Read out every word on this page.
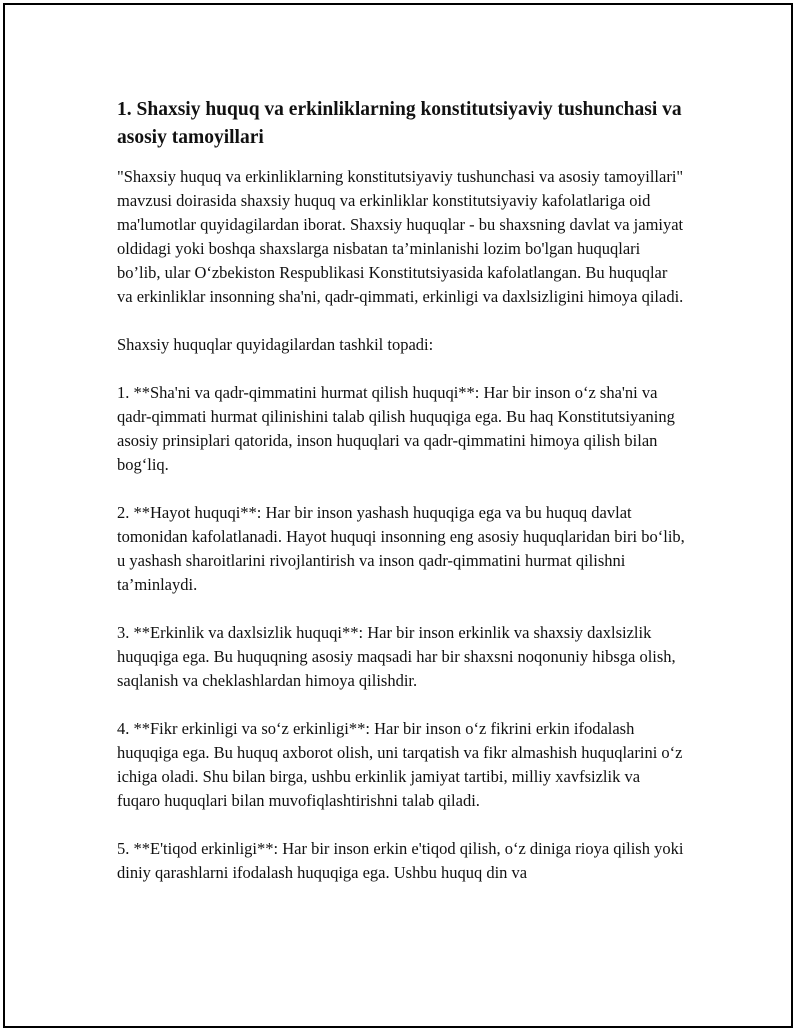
1. Shaxsiy huquq va erkinliklarning konstitutsiyaviy tushunchasi va asosiy tamoyillari

"Shaxsiy huquq va erkinliklarning konstitutsiyaviy tushunchasi va asosiy tamoyillari" mavzusi doirasida shaxsiy huquq va erkinliklar konstitutsiyaviy kafolatlariga oid ma'lumotlar quyidagilardan iborat. Shaxsiy huquqlar - bu shaxsning davlat va jamiyat oldidagi yoki boshqa shaxslarga nisbatan ta’minlanishi lozim bo'lgan huquqlari bo’lib, ular O‘zbekiston Respublikasi Konstitutsiyasida kafolatlangan. Bu huquqlar va erkinliklar insonning sha'ni, qadr-qimmati, erkinligi va daxlsizligini himoya qiladi.

Shaxsiy huquqlar quyidagilardan tashkil topadi:

1. **Sha'ni va qadr-qimmatini hurmat qilish huquqi**: Har bir inson o‘z sha'ni va qadr-qimmati hurmat qilinishini talab qilish huquqiga ega. Bu haq Konstitutsiyaning asosiy prinsiplari qatorida, inson huquqlari va qadr-qimmatini himoya qilish bilan bog‘liq.

2. **Hayot huquqi**: Har bir inson yashash huquqiga ega va bu huquq davlat tomonidan kafolatlanadi. Hayot huquqi insonning eng asosiy huquqlaridan biri bo‘lib, u yashash sharoitlarini rivojlantirish va inson qadr-qimmatini hurmat qilishni ta’minlaydi.

3. **Erkinlik va daxlsizlik huquqi**: Har bir inson erkinlik va shaxsiy daxlsizlik huquqiga ega. Bu huquqning asosiy maqsadi har bir shaxsni noqonuniy hibsga olish, saqlanish va cheklashlardan himoya qilishdir.

4. **Fikr erkinligi va so‘z erkinligi**: Har bir inson o‘z fikrini erkin ifodalash huquqiga ega. Bu huquq axborot olish, uni tarqatish va fikr almashish huquqlarini o‘z ichiga oladi. Shu bilan birga, ushbu erkinlik jamiyat tartibi, milliy xavfsizlik va fuqaro huquqlari bilan muvofiqlashtirishni talab qiladi.

5. **E'tiqod erkinligi**: Har bir inson erkin e'tiqod qilish, o‘z diniga rioya qilish yoki diniy qarashlarni ifodalash huquqiga ega. Ushbu huquq din va
